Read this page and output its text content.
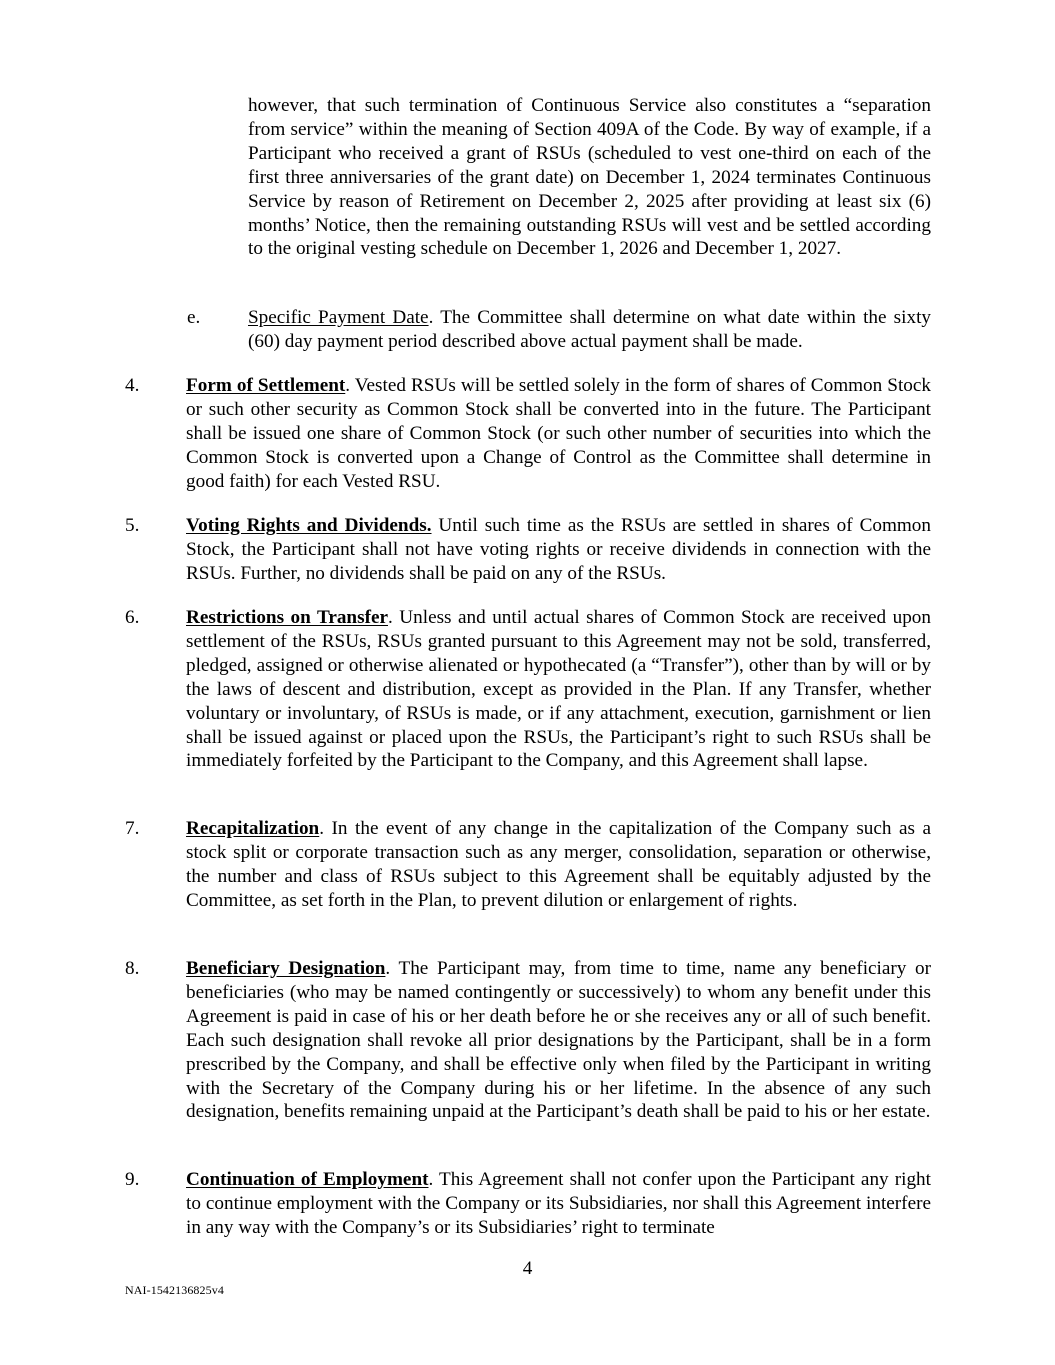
however, that such termination of Continuous Service also constitutes a “separation from service” within the meaning of Section 409A of the Code. By way of example, if a Participant who received a grant of RSUs (scheduled to vest one-third on each of the first three anniversaries of the grant date) on December 1, 2024 terminates Continuous Service by reason of Retirement on December 2, 2025 after providing at least six (6) months’ Notice, then the remaining outstanding RSUs will vest and be settled according to the original vesting schedule on December 1, 2026 and December 1, 2027.
e. Specific Payment Date. The Committee shall determine on what date within the sixty (60) day payment period described above actual payment shall be made.
4. Form of Settlement. Vested RSUs will be settled solely in the form of shares of Common Stock or such other security as Common Stock shall be converted into in the future. The Participant shall be issued one share of Common Stock (or such other number of securities into which the Common Stock is converted upon a Change of Control as the Committee shall determine in good faith) for each Vested RSU.
5. Voting Rights and Dividends. Until such time as the RSUs are settled in shares of Common Stock, the Participant shall not have voting rights or receive dividends in connection with the RSUs. Further, no dividends shall be paid on any of the RSUs.
6. Restrictions on Transfer. Unless and until actual shares of Common Stock are received upon settlement of the RSUs, RSUs granted pursuant to this Agreement may not be sold, transferred, pledged, assigned or otherwise alienated or hypothecated (a “Transfer”), other than by will or by the laws of descent and distribution, except as provided in the Plan. If any Transfer, whether voluntary or involuntary, of RSUs is made, or if any attachment, execution, garnishment or lien shall be issued against or placed upon the RSUs, the Participant’s right to such RSUs shall be immediately forfeited by the Participant to the Company, and this Agreement shall lapse.
7. Recapitalization. In the event of any change in the capitalization of the Company such as a stock split or corporate transaction such as any merger, consolidation, separation or otherwise, the number and class of RSUs subject to this Agreement shall be equitably adjusted by the Committee, as set forth in the Plan, to prevent dilution or enlargement of rights.
8. Beneficiary Designation. The Participant may, from time to time, name any beneficiary or beneficiaries (who may be named contingently or successively) to whom any benefit under this Agreement is paid in case of his or her death before he or she receives any or all of such benefit. Each such designation shall revoke all prior designations by the Participant, shall be in a form prescribed by the Company, and shall be effective only when filed by the Participant in writing with the Secretary of the Company during his or her lifetime. In the absence of any such designation, benefits remaining unpaid at the Participant’s death shall be paid to his or her estate.
9. Continuation of Employment. This Agreement shall not confer upon the Participant any right to continue employment with the Company or its Subsidiaries, nor shall this Agreement interfere in any way with the Company’s or its Subsidiaries’ right to terminate
4
NAI-1542136825v4
